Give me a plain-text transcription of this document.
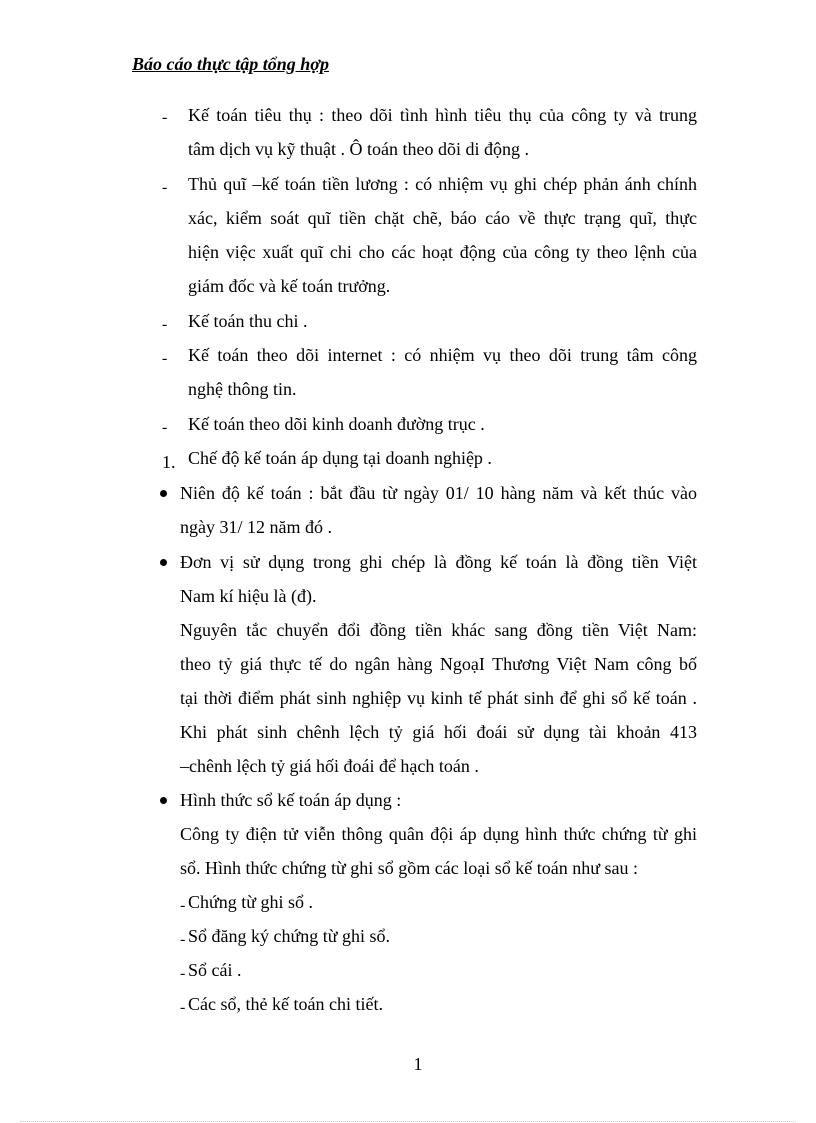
Báo cáo thực tập tổng hợp
- Kế toán tiêu thụ : theo dõi tình hình tiêu thụ của công ty và trung
tâm dịch vụ kỹ thuật . Ô toán theo dõi di động .
- Thủ quĩ –kế toán tiền lương : có nhiệm vụ ghi chép phản ánh chính
xác, kiểm soát quĩ tiền chặt chẽ, báo cáo về thực trạng quĩ, thực
hiện việc xuất quĩ chi cho các hoạt động của công ty theo lệnh của
giám đốc và kế toán trưởng.
- Kế toán thu chi .
- Kế toán theo dõi internet : có nhiệm vụ theo dõi trung tâm công
nghệ thông tin.
- Kế toán theo dõi kinh doanh đường trục .
1. Chế độ kế toán áp dụng tại doanh nghiệp .
Niên độ kế toán : bắt đầu từ ngày 01/ 10 hàng năm và kết thúc vào
ngày 31/ 12 năm đó .
Đơn vị sử dụng trong ghi chép là đồng kế toán là đồng tiền Việt
Nam kí hiệu là (đ).
Nguyên tắc chuyển đổi đồng tiền khác sang đồng tiền Việt Nam:
theo tỷ giá thực tế do ngân hàng NgoạI Thương Việt Nam công bố
tại thời điểm phát sinh nghiệp vụ kinh tế phát sinh để ghi sổ kế toán .
Khi phát sinh chênh lệch tỷ giá hối đoái sử dụng tài khoản 413
–chênh lệch tỷ giá hối đoái để hạch toán .
Hình thức sổ kế toán áp dụng :
Công ty điện tử viễn thông quân đội áp dụng hình thức chứng từ ghi
sổ. Hình thức chứng từ ghi sổ gồm các loại sổ kế toán như sau :
- Chứng từ ghi sổ .
- Sổ đăng ký chứng từ ghi sổ.
- Sổ cái .
- Các sổ, thẻ kế toán chi tiết.
1
